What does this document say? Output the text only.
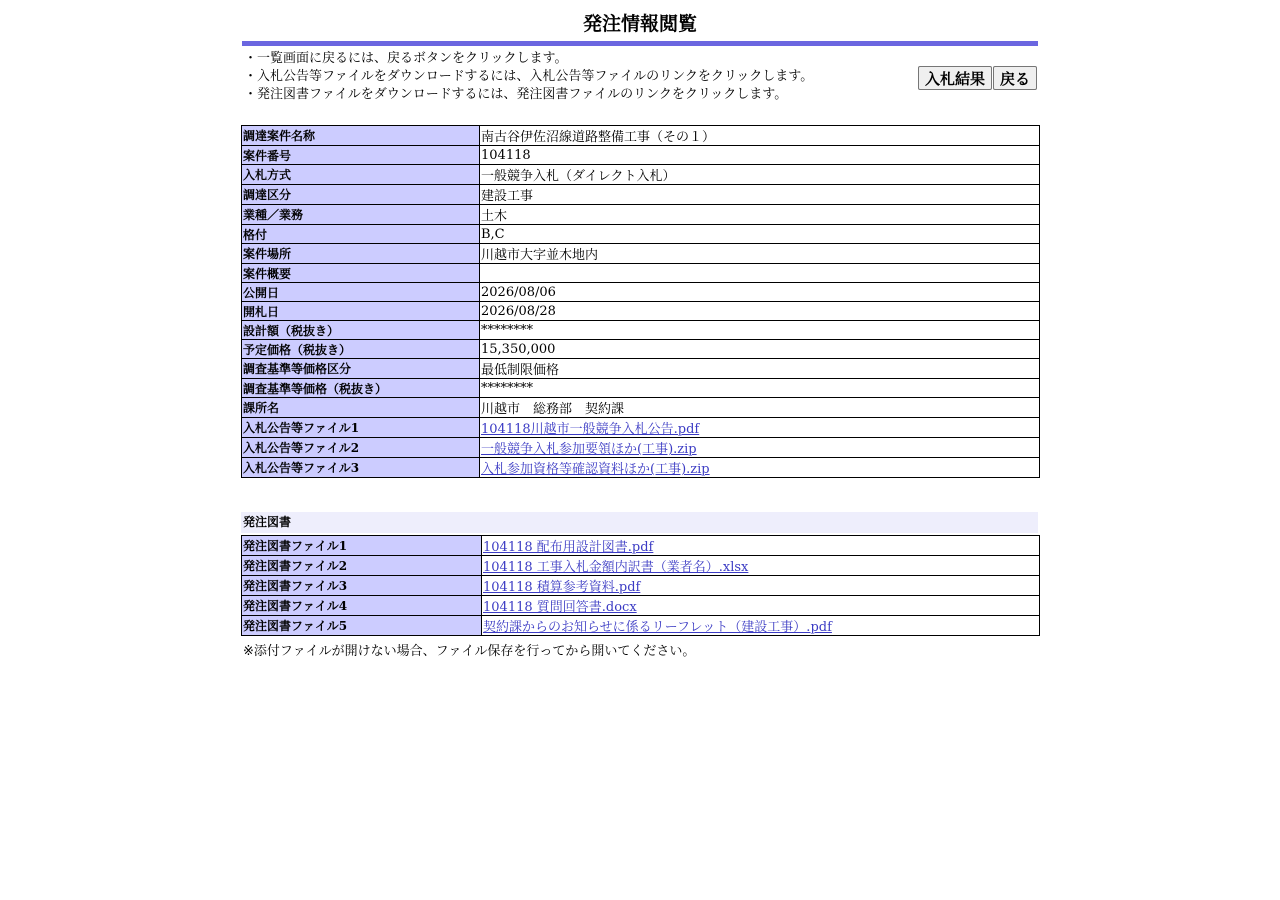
発注情報閲覧
・一覧画面に戻るには、戻るボタンをクリックします。
・入札公告等ファイルをダウンロードするには、入札公告等ファイルのリンクをクリックします。
・発注図書ファイルをダウンロードするには、発注図書ファイルのリンクをクリックします。
入札結果 戻る
調達案件名称	南古谷伊佐沼線道路整備工事（その１）
案件番号	104118
入札方式	一般競争入札（ダイレクト入札）
調達区分	建設工事
業種／業務	土木
格付	B,C
案件場所	川越市大字並木地内
案件概要	
公開日	2026/08/06
開札日	2026/08/28
設計額（税抜き）	********
予定価格（税抜き）	15,350,000
調査基準等価格区分	最低制限価格
調査基準等価格（税抜き）	********
課所名	川越市　総務部　契約課
入札公告等ファイル1	104118川越市一般競争入札公告.pdf
入札公告等ファイル2	一般競争入札参加要領ほか(工事).zip
入札公告等ファイル3	入札参加資格等確認資料ほか(工事).zip
発注図書
発注図書ファイル1	104118 配布用設計図書.pdf
発注図書ファイル2	104118 工事入札金額内訳書（業者名）.xlsx
発注図書ファイル3	104118 積算参考資料.pdf
発注図書ファイル4	104118 質問回答書.docx
発注図書ファイル5	契約課からのお知らせに係るリーフレット（建設工事）.pdf
※添付ファイルが開けない場合、ファイル保存を行ってから開いてください。
